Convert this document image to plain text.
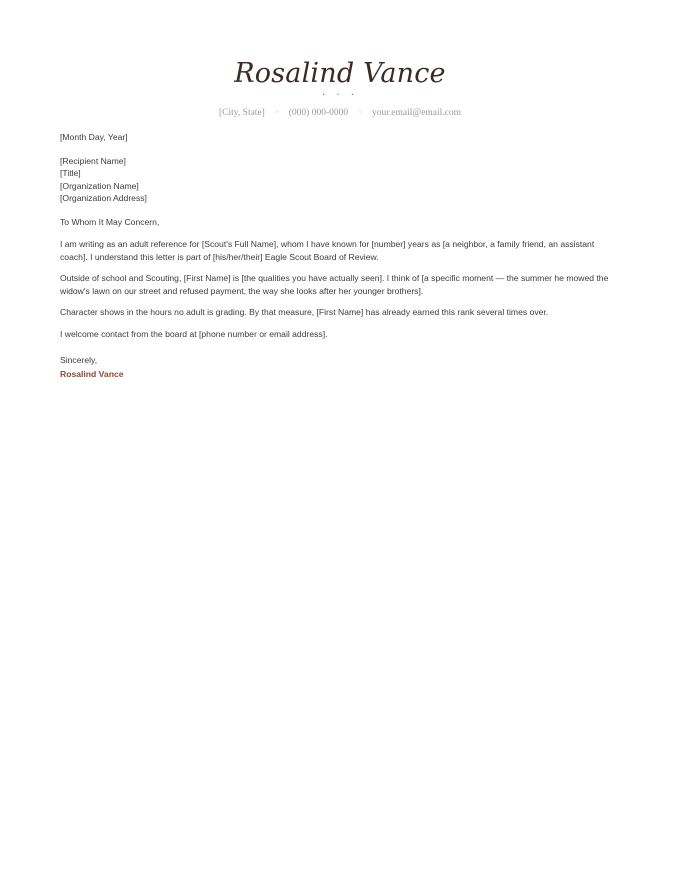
Rosalind Vance
· · ·
[City, State] · (000) 000-0000 · your.email@email.com
[Month Day, Year]
[Recipient Name]
[Title]
[Organization Name]
[Organization Address]
To Whom It May Concern,

I am writing as an adult reference for [Scout's Full Name], whom I have known for [number] years as [a neighbor, a family friend, an assistant coach]. I understand this letter is part of [his/her/their] Eagle Scout Board of Review.

Outside of school and Scouting, [First Name] is [the qualities you have actually seen]. I think of [a specific moment — the summer he mowed the widow's lawn on our street and refused payment, the way she looks after her younger brothers].

Character shows in the hours no adult is grading. By that measure, [First Name] has already earned this rank several times over.

I welcome contact from the board at [phone number or email address].

Sincerely,
Rosalind Vance
